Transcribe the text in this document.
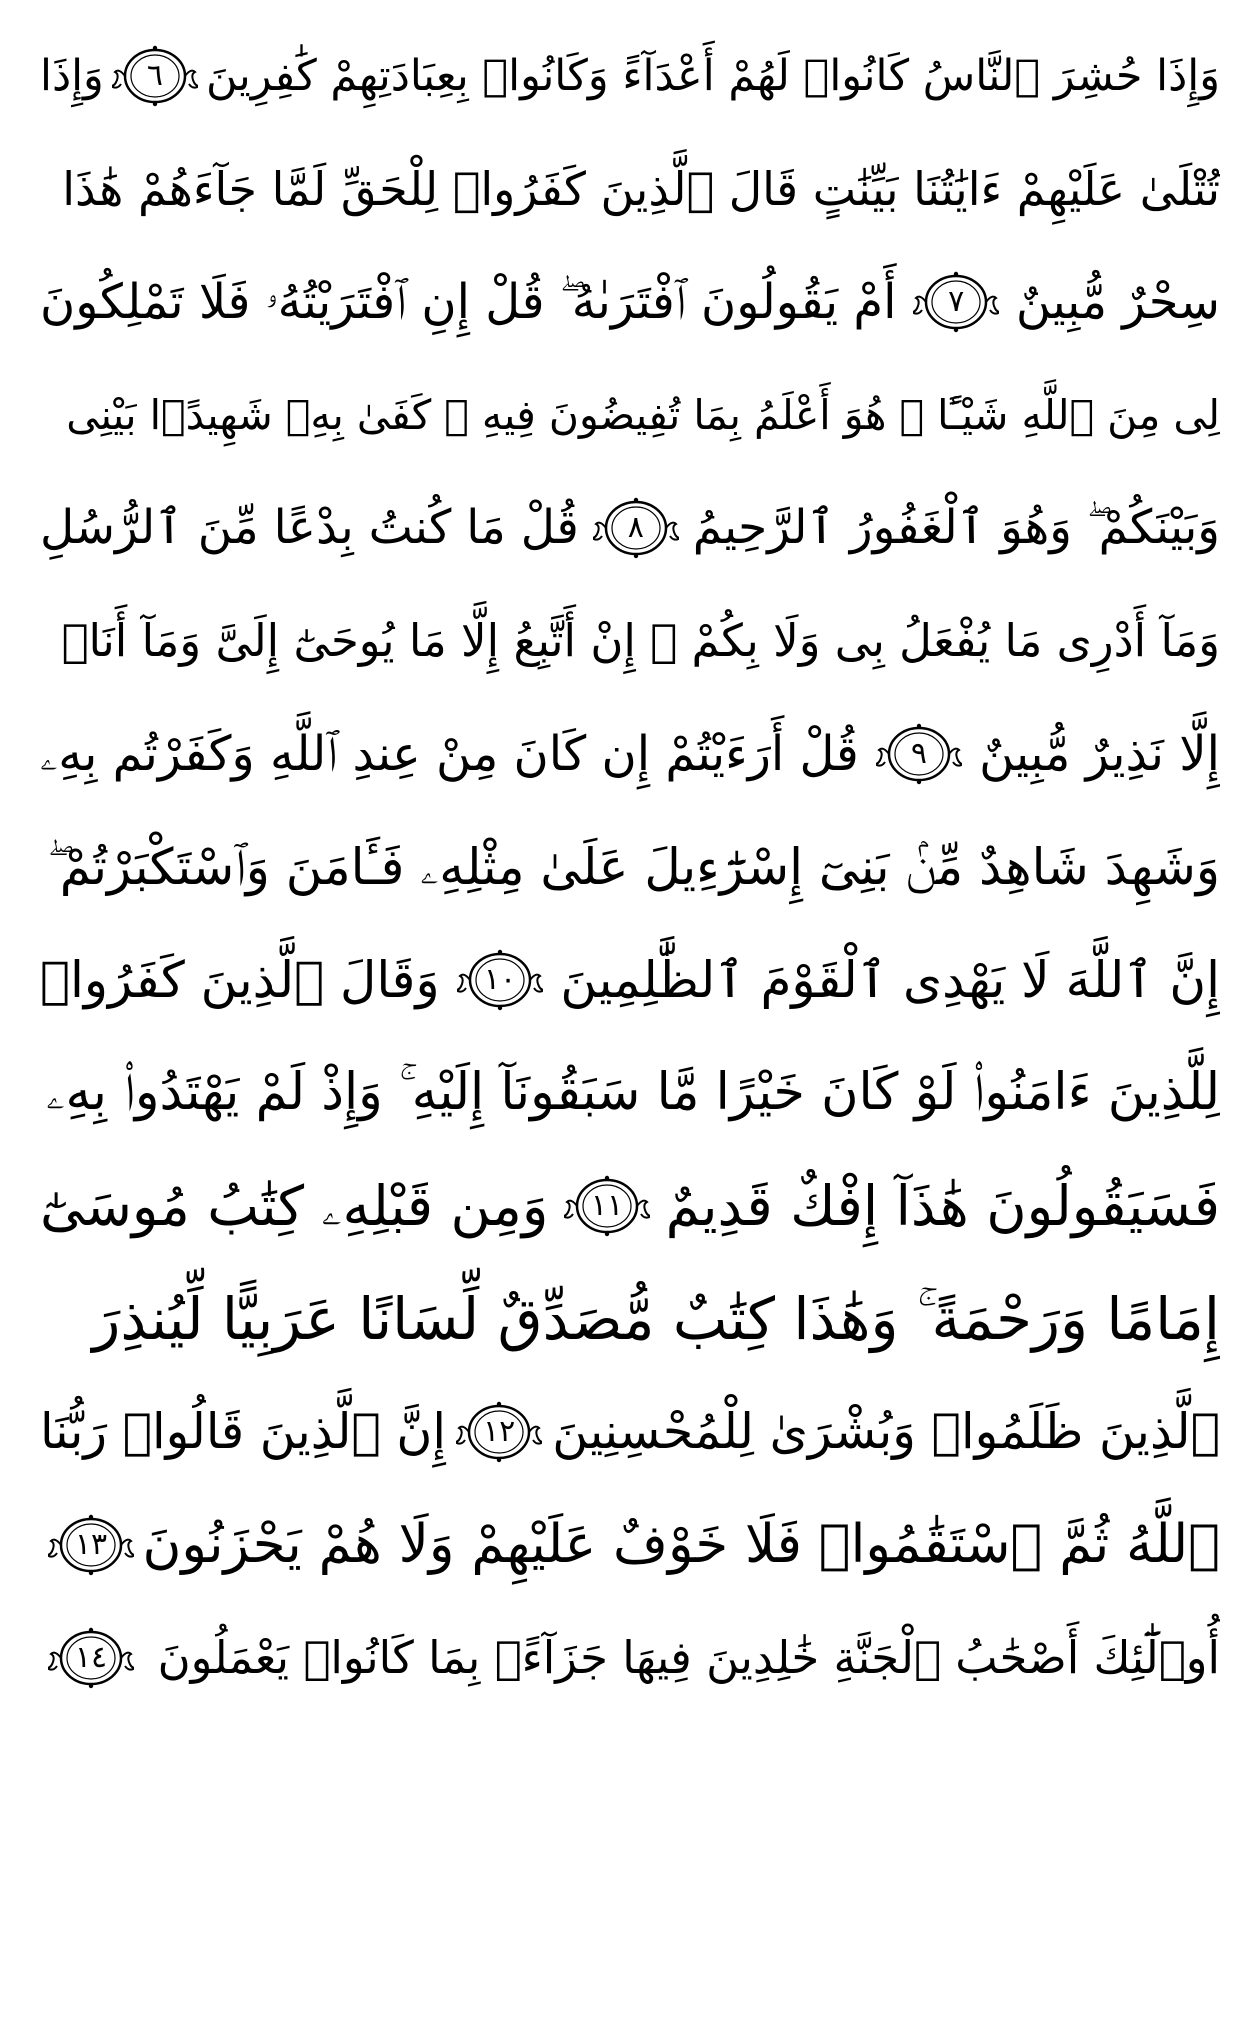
وَإِذَا حُشِرَ ٱلنَّاسُ كَانُوا۟ لَهُمْ أَعْدَآءً وَكَانُوا۟ بِعِبَادَتِهِمْ كَٰفِرِينَ
٦
وَإِذَا
تُتْلَىٰ عَلَيْهِمْ ءَايَٰتُنَا بَيِّنَٰتٍ قَالَ ٱلَّذِينَ كَفَرُوا۟ لِلْحَقِّ لَمَّا جَآءَهُمْ هَٰذَا
سِحْرٌ مُّبِينٌ
٧
أَمْ يَقُولُونَ ٱفْتَرَىٰهُ ۖ قُلْ إِنِ ٱفْتَرَيْتُهُۥ فَلَا تَمْلِكُونَ
لِى مِنَ ٱللَّهِ شَيْـًٔا ۖ هُوَ أَعْلَمُ بِمَا تُفِيضُونَ فِيهِ ۖ كَفَىٰ بِهِۦ شَهِيدًۢا بَيْنِى
وَبَيْنَكُمْ ۖ وَهُوَ ٱلْغَفُورُ ٱلرَّحِيمُ
٨
قُلْ مَا كُنتُ بِدْعًا مِّنَ ٱلرُّسُلِ
وَمَآ أَدْرِى مَا يُفْعَلُ بِى وَلَا بِكُمْ ۖ إِنْ أَتَّبِعُ إِلَّا مَا يُوحَىٰٓ إِلَىَّ وَمَآ أَنَا۠
إِلَّا نَذِيرٌ مُّبِينٌ
٩
قُلْ أَرَءَيْتُمْ إِن كَانَ مِنْ عِندِ ٱللَّهِ وَكَفَرْتُم بِهِۦ
وَشَهِدَ شَاهِدٌ مِّنۢ بَنِىٓ إِسْرَٰٓءِيلَ عَلَىٰ مِثْلِهِۦ فَـَٔامَنَ وَٱسْتَكْبَرْتُمْ ۖ
إِنَّ ٱللَّهَ لَا يَهْدِى ٱلْقَوْمَ ٱلظَّٰلِمِينَ
١٠
وَقَالَ ٱلَّذِينَ كَفَرُوا۟
لِلَّذِينَ ءَامَنُوا۟ لَوْ كَانَ خَيْرًا مَّا سَبَقُونَآ إِلَيْهِ ۚ وَإِذْ لَمْ يَهْتَدُوا۟ بِهِۦ
فَسَيَقُولُونَ هَٰذَآ إِفْكٌ قَدِيمٌ
١١
وَمِن قَبْلِهِۦ كِتَٰبُ مُوسَىٰٓ
إِمَامًا وَرَحْمَةً ۚ وَهَٰذَا كِتَٰبٌ مُّصَدِّقٌ لِّسَانًا عَرَبِيًّا لِّيُنذِرَ
ٱلَّذِينَ ظَلَمُوا۟ وَبُشْرَىٰ لِلْمُحْسِنِينَ
١٢
إِنَّ ٱلَّذِينَ قَالُوا۟ رَبُّنَا
ٱللَّهُ ثُمَّ ٱسْتَقَٰمُوا۟ فَلَا خَوْفٌ عَلَيْهِمْ وَلَا هُمْ يَحْزَنُونَ
١٣
أُو۟لَٰٓئِكَ أَصْحَٰبُ ٱلْجَنَّةِ خَٰلِدِينَ فِيهَا جَزَآءًۢ بِمَا كَانُوا۟ يَعْمَلُونَ
١٤
